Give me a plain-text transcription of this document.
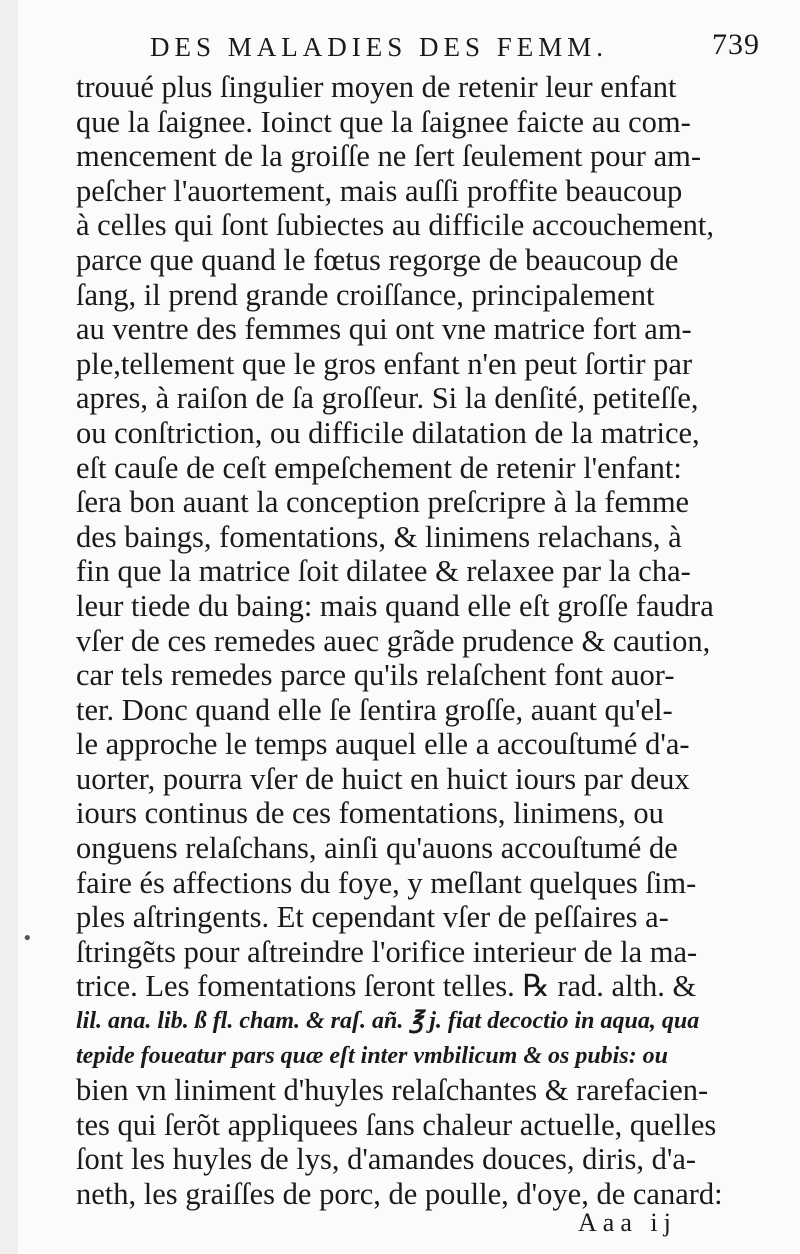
DES MALADIES DES FEMM.	739
trouué plus ſingulier moyen de retenir leur enfant
que la ſaignee. Ioinct que la ſaignee faicte au com-
mencement de la groiſſe ne ſert ſeulement pour am-
peſcher l'auortement, mais auſſi proffite beaucoup
à celles qui ſont ſubiectes au difficile accouchement,
parce que quand le fœtus regorge de beaucoup de
ſang, il prend grande croiſſance, principalement
au ventre des femmes qui ont vne matrice fort am-
ple,tellement que le gros enfant n'en peut ſortir par
apres, à raiſon de ſa groſſeur. Si la denſité, petiteſſe,
ou conſtriction, ou difficile dilatation de la matrice,
eſt cauſe de ceſt empeſchement de retenir l'enfant:
ſera bon auant la conception preſcripre à la femme
des baings, fomentations, & linimens relachans, à
fin que la matrice ſoit dilatee & relaxee par la cha-
leur tiede du baing: mais quand elle eſt groſſe faudra
vſer de ces remedes auec grãde prudence & caution,
car tels remedes parce qu'ils relaſchent font auor-
ter. Donc quand elle ſe ſentira groſſe, auant qu'el-
le approche le temps auquel elle a accouſtumé d'a-
uorter, pourra vſer de huict en huict iours par deux
iours continus de ces fomentations, linimens, ou
onguens relaſchans, ainſi qu'auons accouſtumé de
faire és affections du foye, y meſlant quelques ſim-
ples aſtringents. Et cependant vſer de peſſaires a-
ſtringẽts pour aſtreindre l'orifice interieur de la ma-
trice. Les fomentations ſeront telles. ℞ rad. alth. &
lil. ana. lib. ß fl. cham. & raſ. añ. ℥ j. fiat decoctio in aqua, qua
tepide foueatur pars quæ eſt inter vmbilicum & os pubis: ou
bien vn liniment d'huyles relaſchantes & rarefacien-
tes qui ſerõt appliquees ſans chaleur actuelle, quelles
ſont les huyles de lys, d'amandes douces, diris, d'a-
neth, les graiſſes de porc, de poulle, d'oye, de canard:
Aaa ij
•
